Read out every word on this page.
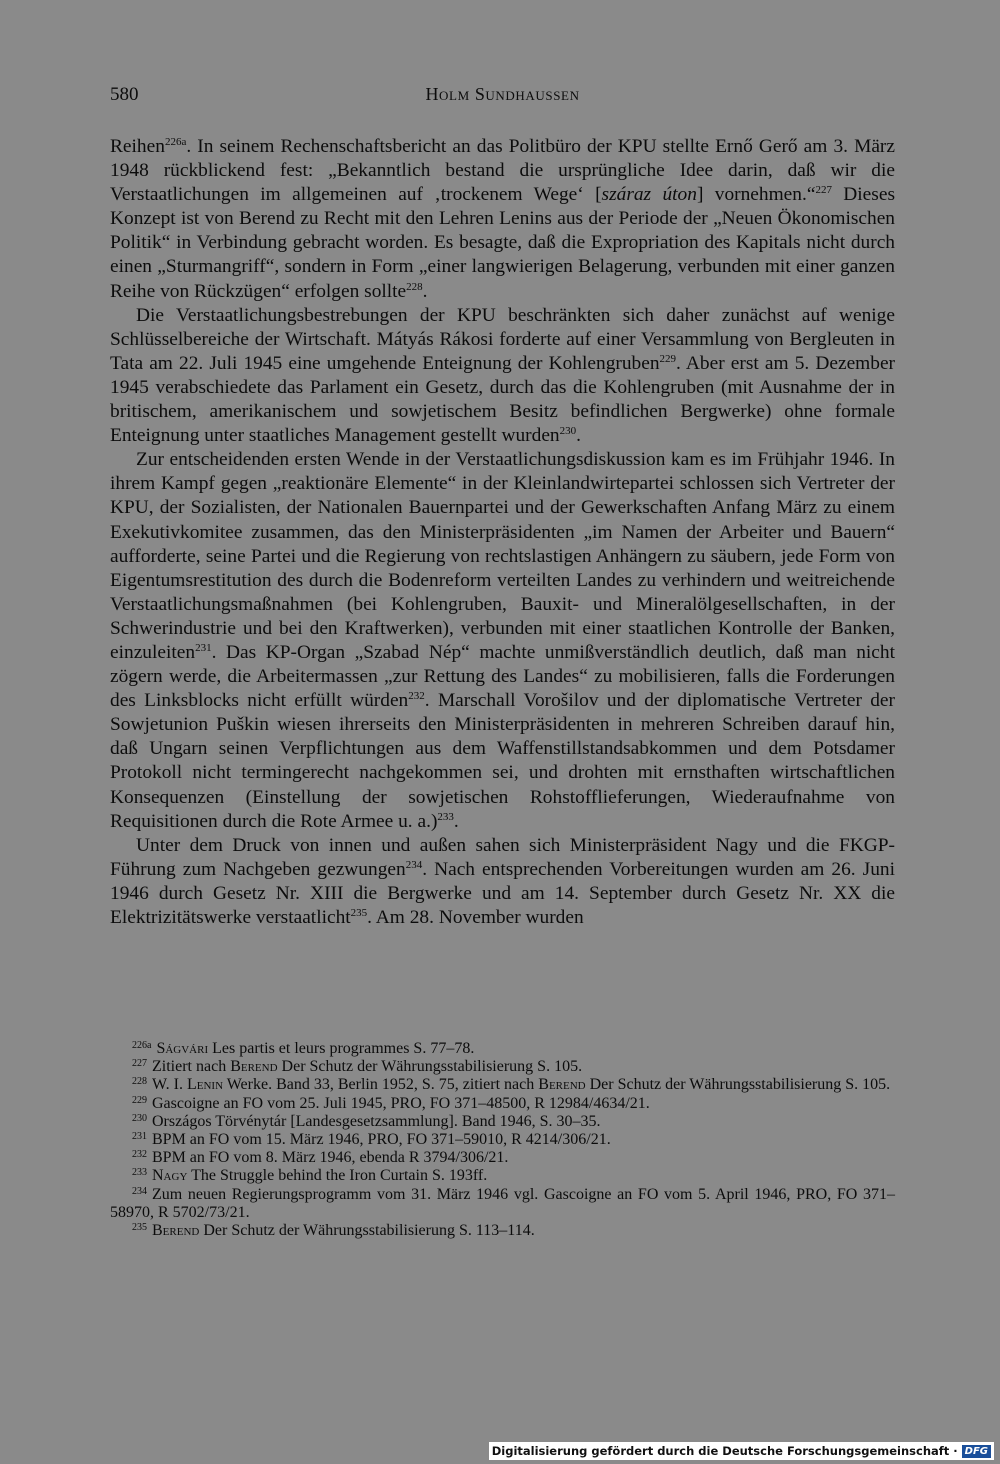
580	Holm Sundhaussen

Reihen$^{226a}$. In seinem Rechenschaftsbericht an das Politbüro der KPU stellte Ernő Gerő am 3. März 1948 rückblickend fest: „Bekanntlich bestand die ursprüngliche Idee darin, daß wir die Verstaatlichungen im allgemeinen auf ‚trockenem Wege‘ [száraz úton] vornehmen.“$^{227}$ Dieses Konzept ist von Berend zu Recht mit den Lehren Lenins aus der Periode der „Neuen Ökonomischen Politik“ in Verbindung gebracht worden. Es besagte, daß die Expropriation des Kapitals nicht durch einen „Sturmangriff“, sondern in Form „einer langwierigen Belagerung, verbunden mit einer ganzen Reihe von Rückzügen“ erfolgen sollte$^{228}$.

Die Verstaatlichungsbestrebungen der KPU beschränkten sich daher zunächst auf wenige Schlüsselbereiche der Wirtschaft. Mátyás Rákosi forderte auf einer Versammlung von Bergleuten in Tata am 22. Juli 1945 eine umgehende Enteignung der Kohlengruben$^{229}$. Aber erst am 5. Dezember 1945 verabschiedete das Parlament ein Gesetz, durch das die Kohlengruben (mit Ausnahme der in britischem, amerikanischem und sowjetischem Besitz befindlichen Bergwerke) ohne formale Enteignung unter staatliches Management gestellt wurden$^{230}$.

Zur entscheidenden ersten Wende in der Verstaatlichungsdiskussion kam es im Frühjahr 1946. In ihrem Kampf gegen „reaktionäre Elemente“ in der Kleinlandwirtepartei schlossen sich Vertreter der KPU, der Sozialisten, der Nationalen Bauernpartei und der Gewerkschaften Anfang März zu einem Exekutivkomitee zusammen, das den Ministerpräsidenten „im Namen der Arbeiter und Bauern“ aufforderte, seine Partei und die Regierung von rechtslastigen Anhängern zu säubern, jede Form von Eigentumsrestitution des durch die Bodenreform verteilten Landes zu verhindern und weitreichende Verstaatlichungsmaßnahmen (bei Kohlengruben, Bauxit- und Mineralölgesellschaften, in der Schwerindustrie und bei den Kraftwerken), verbunden mit einer staatlichen Kontrolle der Banken, einzuleiten$^{231}$. Das KP-Organ „Szabad Nép“ machte unmißverständlich deutlich, daß man nicht zögern werde, die Arbeitermassen „zur Rettung des Landes“ zu mobilisieren, falls die Forderungen des Linksblocks nicht erfüllt würden$^{232}$. Marschall Vorošilov und der diplomatische Vertreter der Sowjetunion Puškin wiesen ihrerseits den Ministerpräsidenten in mehreren Schreiben darauf hin, daß Ungarn seinen Verpflichtungen aus dem Waffenstillstandsabkommen und dem Potsdamer Protokoll nicht termingerecht nachgekommen sei, und drohten mit ernsthaften wirtschaftlichen Konsequenzen (Einstellung der sowjetischen Rohstofflieferungen, Wiederaufnahme von Requisitionen durch die Rote Armee u. a.)$^{233}$.

Unter dem Druck von innen und außen sahen sich Ministerpräsident Nagy und die FKGP-Führung zum Nachgeben gezwungen$^{234}$. Nach entsprechenden Vorbereitungen wurden am 26. Juni 1946 durch Gesetz Nr. XIII die Bergwerke und am 14. September durch Gesetz Nr. XX die Elektrizitätswerke verstaatlicht$^{235}$. Am 28. November wurden

$^{226a}$ Ságvári Les partis et leurs programmes S. 77–78.

$^{227}$ Zitiert nach Berend Der Schutz der Währungsstabilisierung S. 105.

$^{228}$ W. I. Lenin Werke. Band 33, Berlin 1952, S. 75, zitiert nach Berend Der Schutz der Währungsstabilisierung S. 105.

$^{229}$ Gascoigne an FO vom 25. Juli 1945, PRO, FO 371–48500, R 12984/4634/21.

$^{230}$ Országos Törvénytár [Landesgesetzsammlung]. Band 1946, S. 30–35.

$^{231}$ BPM an FO vom 15. März 1946, PRO, FO 371–59010, R 4214/306/21.

$^{232}$ BPM an FO vom 8. März 1946, ebenda R 3794/306/21.

$^{233}$ Nagy The Struggle behind the Iron Curtain S. 193ff.

$^{234}$ Zum neuen Regierungsprogramm vom 31. März 1946 vgl. Gascoigne an FO vom 5. April 1946, PRO, FO 371–58970, R 5702/73/21.

$^{235}$ Berend Der Schutz der Währungsstabilisierung S. 113–114.

Digitalisierung gefördert durch die Deutsche Forschungsgemeinschaft · DFG
